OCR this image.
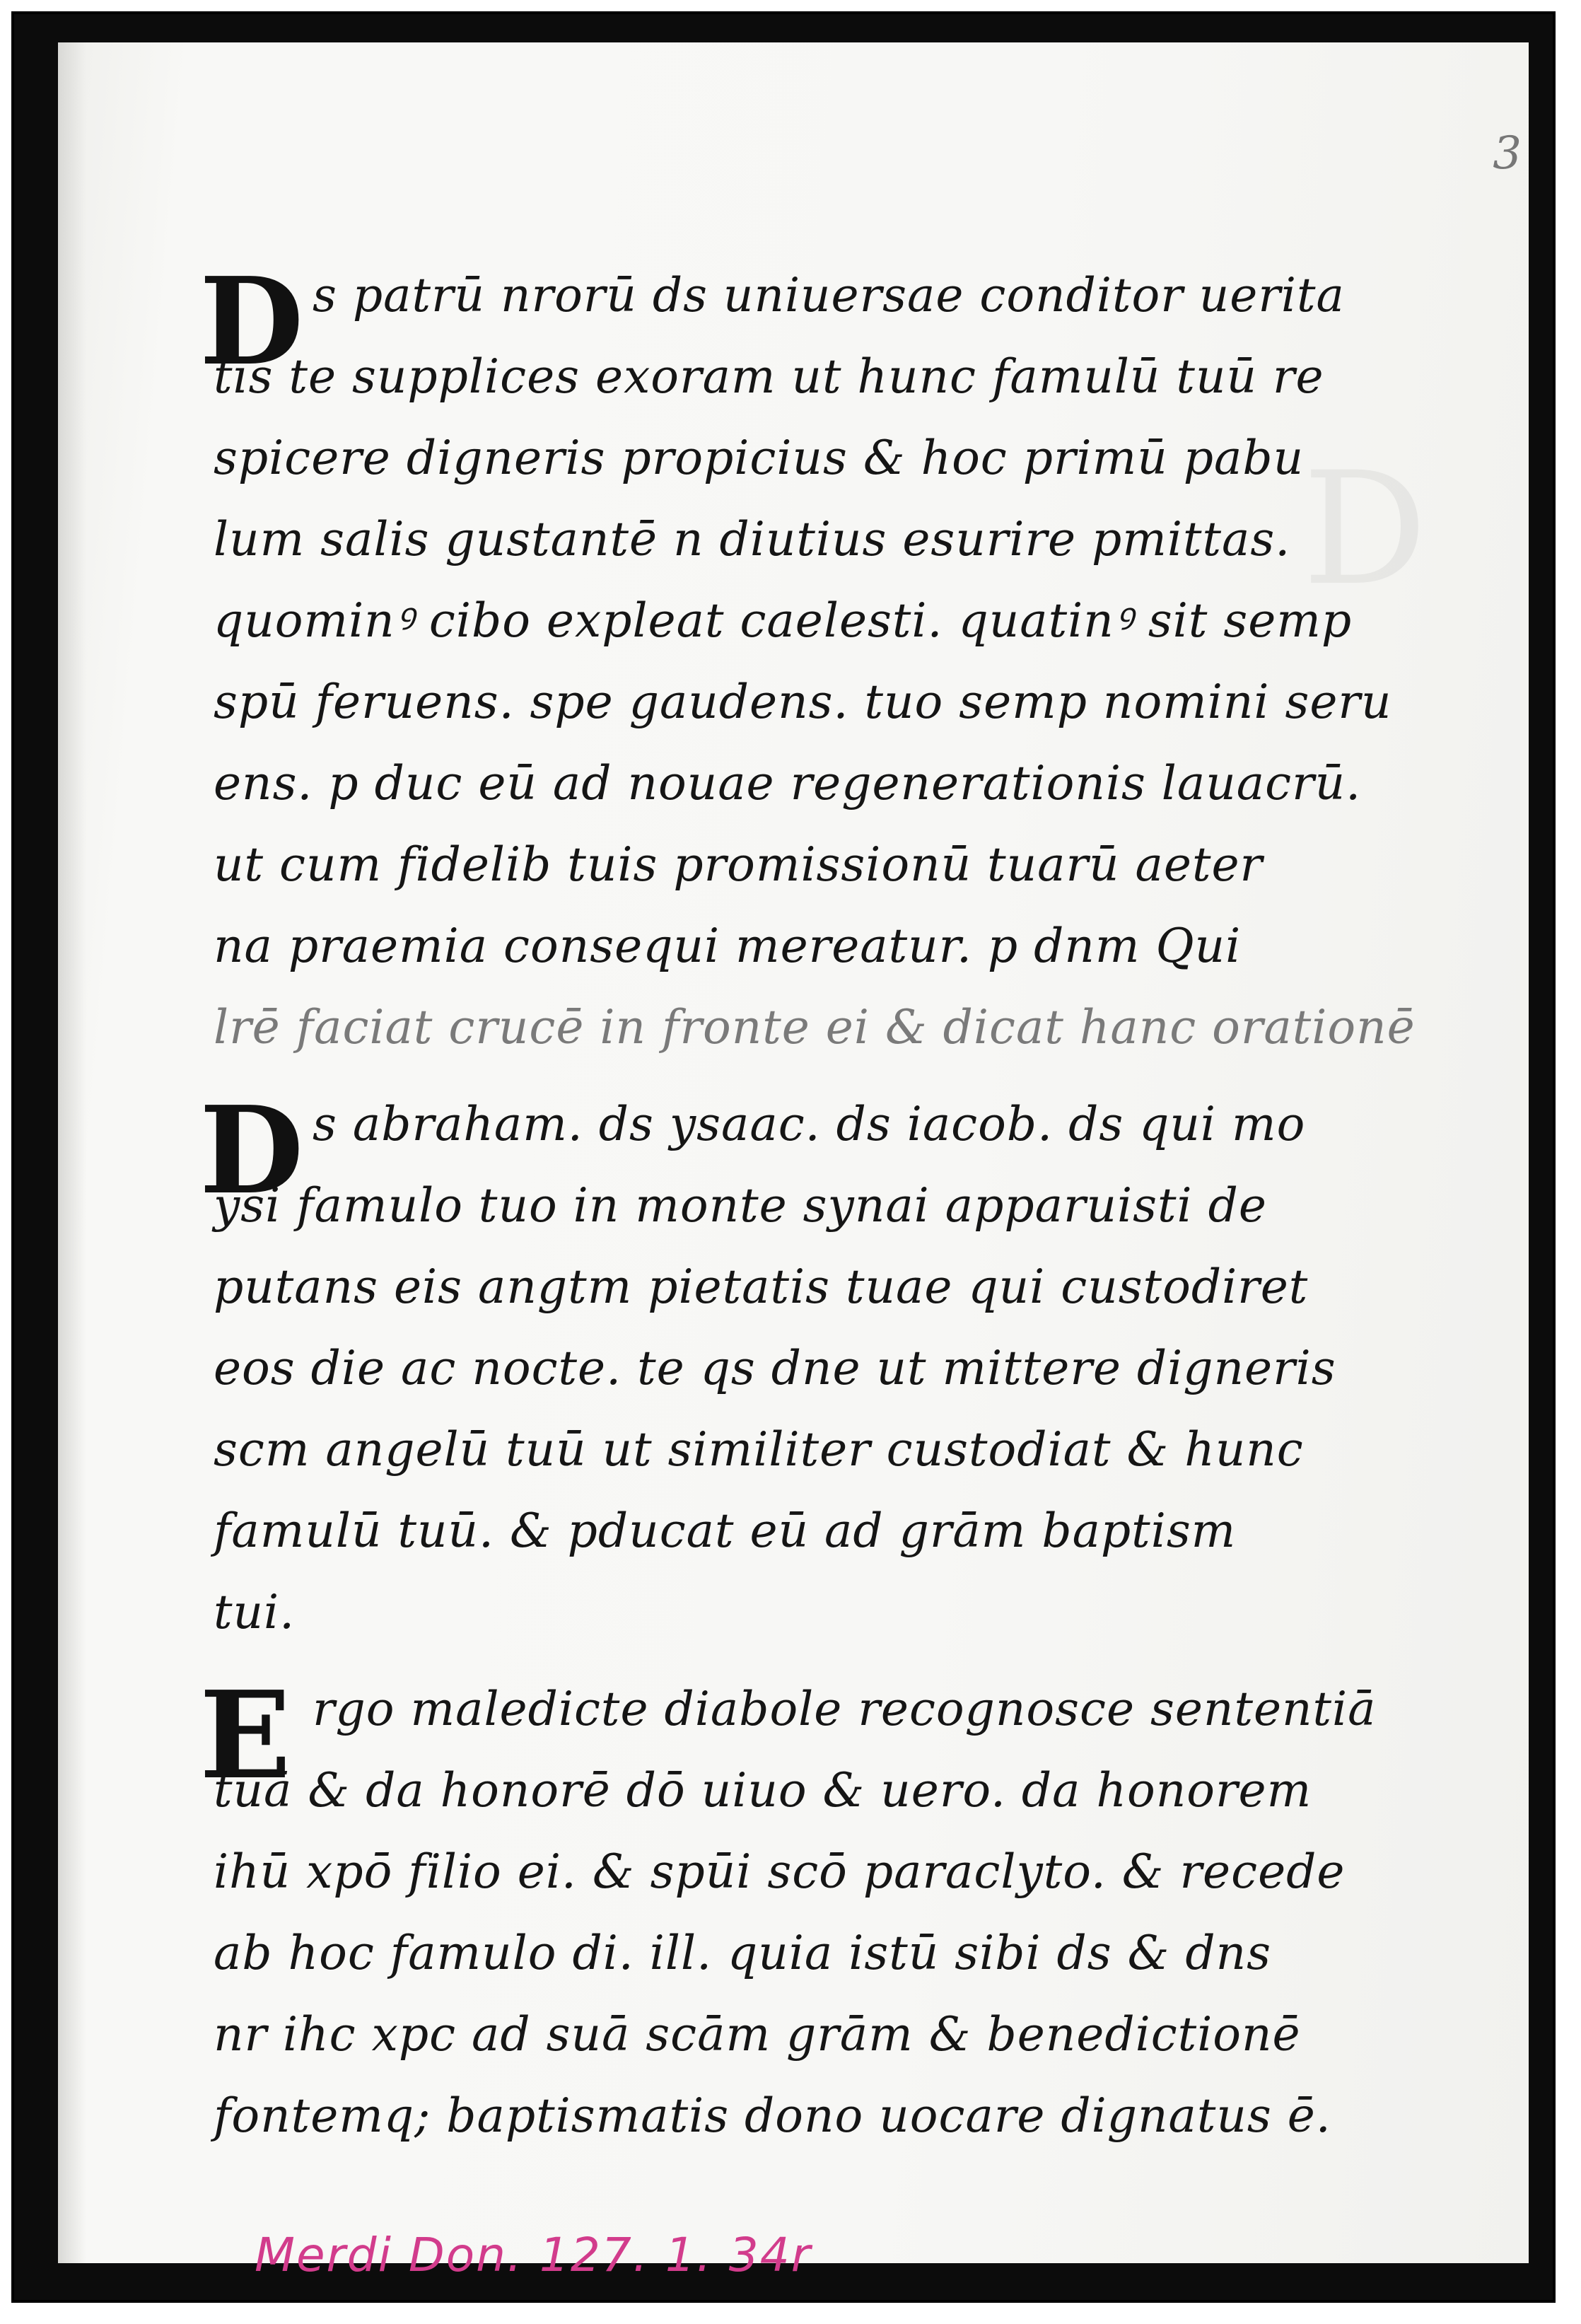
D
3
D s patrū nrorū ds uniuersae conditor ueritа
tis te supplices exoram ut hunc famulū tuū re
spicere digneris propicius & hoc primū pabu
lum salis gustantē n diutius esurire pmittas.
quominꝰ cibo expleat caelesti. quatinꝰ sit semp
spū feruens. spe gaudens. tuo semp nomini seru
ens. p duc eū ad nouae regenerationis lauacrū.
ut cum fidelib tuis promissionū tuarū aeter
na praemia consequi mereatur. p dnm Qui
lrē faciat crucē in fronte ei & dicat hanc orationē
D s abraham. ds ysaac. ds iacob. ds qui mo
ysi famulo tuo in monte synai apparuisti de
putans eis angtm pietatis tuae qui custodiret
eos die ac nocte. te qs dne ut mittere digneris
scm angelū tuū ut similiter custodiat & hunc
famulū tuū. & pducat eū ad grām baptism
tui.
E rgo maledicte diabole recognosce sententiā
tuā & da honorē dō uiuo & uero. da honorem
ihū xpō filio ei. & spūi scō paraclyto. & recede
ab hoc famulo di. ill. quia istū sibi ds & dns
nr ihc xpc ad suā scām grām & benedictionē
fontemq; baptismatis dono uocare dignatus ē.
Merdi Don. 127. 1. 34r
